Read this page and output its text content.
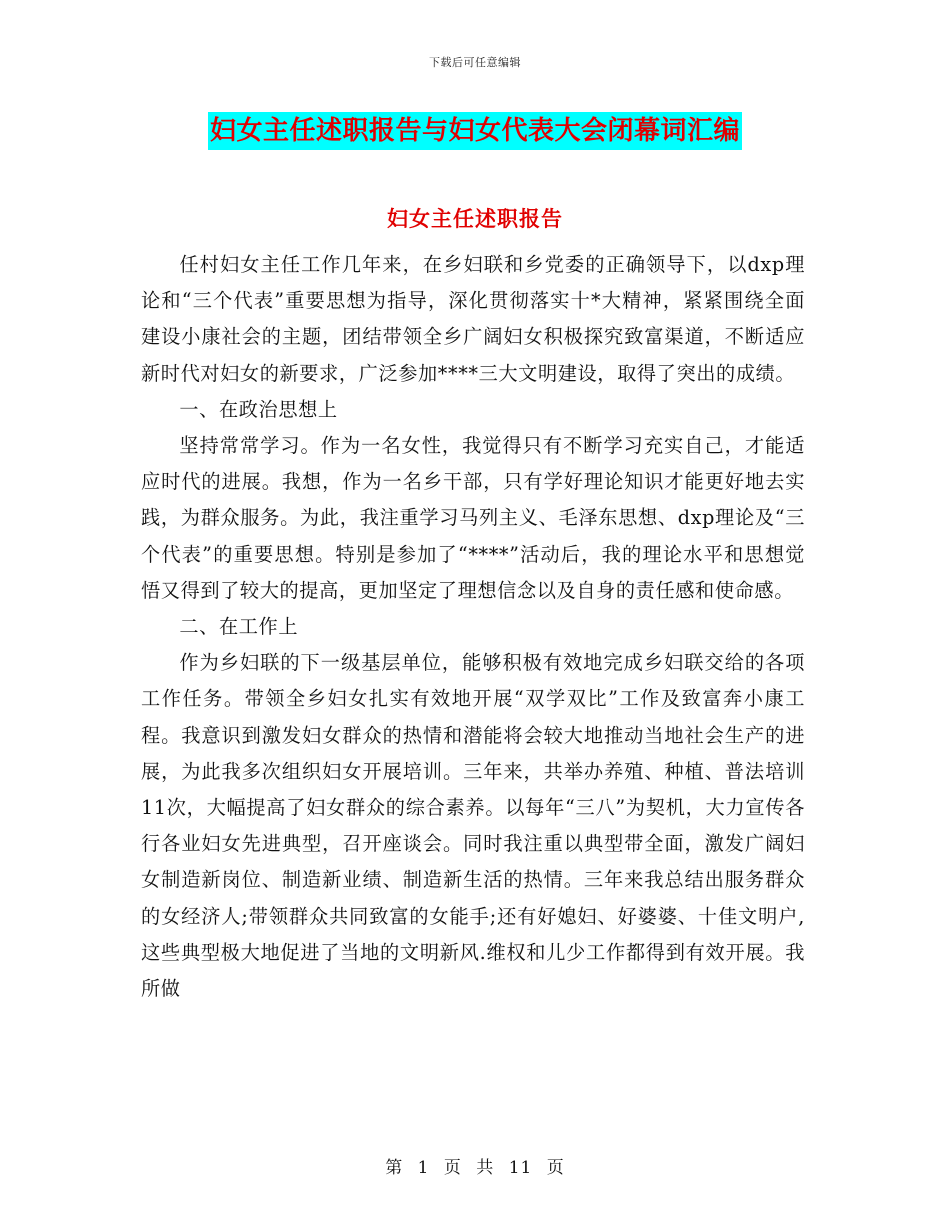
下载后可任意编辑
妇女主任述职报告与妇女代表大会闭幕词汇编
妇女主任述职报告

任村妇女主任工作几年来，在乡妇联和乡党委的正确领导下，以dxp理论和“三个代表”重要思想为指导，深化贯彻落实十*大精神，紧紧围绕全面建设小康社会的主题，团结带领全乡广阔妇女积极探究致富渠道，不断适应新时代对妇女的新要求，广泛参加****三大文明建设，取得了突出的成绩。

一、在政治思想上

坚持常常学习。作为一名女性，我觉得只有不断学习充实自己，才能适应时代的进展。我想，作为一名乡干部，只有学好理论知识才能更好地去实践，为群众服务。为此，我注重学习马列主义、毛泽东思想、dxp理论及“三个代表”的重要思想。特别是参加了“****”活动后，我的理论水平和思想觉悟又得到了较大的提高，更加坚定了理想信念以及自身的责任感和使命感。

二、在工作上

作为乡妇联的下一级基层单位，能够积极有效地完成乡妇联交给的各项工作任务。带领全乡妇女扎实有效地开展“双学双比”工作及致富奔小康工程。我意识到激发妇女群众的热情和潜能将会较大地推动当地社会生产的进展，为此我多次组织妇女开展培训。三年来，共举办养殖、种植、普法培训11次，大幅提高了妇女群众的综合素养。以每年“三八”为契机，大力宣传各行各业妇女先进典型，召开座谈会。同时我注重以典型带全面，激发广阔妇女制造新岗位、制造新业绩、制造新生活的热情。三年来我总结出服务群众的女经济人;带领群众共同致富的女能手;还有好媳妇、好婆婆、十佳文明户,这些典型极大地促进了当地的文明新风.维权和儿少工作都得到有效开展。我所做

第 1 页 共 11 页
